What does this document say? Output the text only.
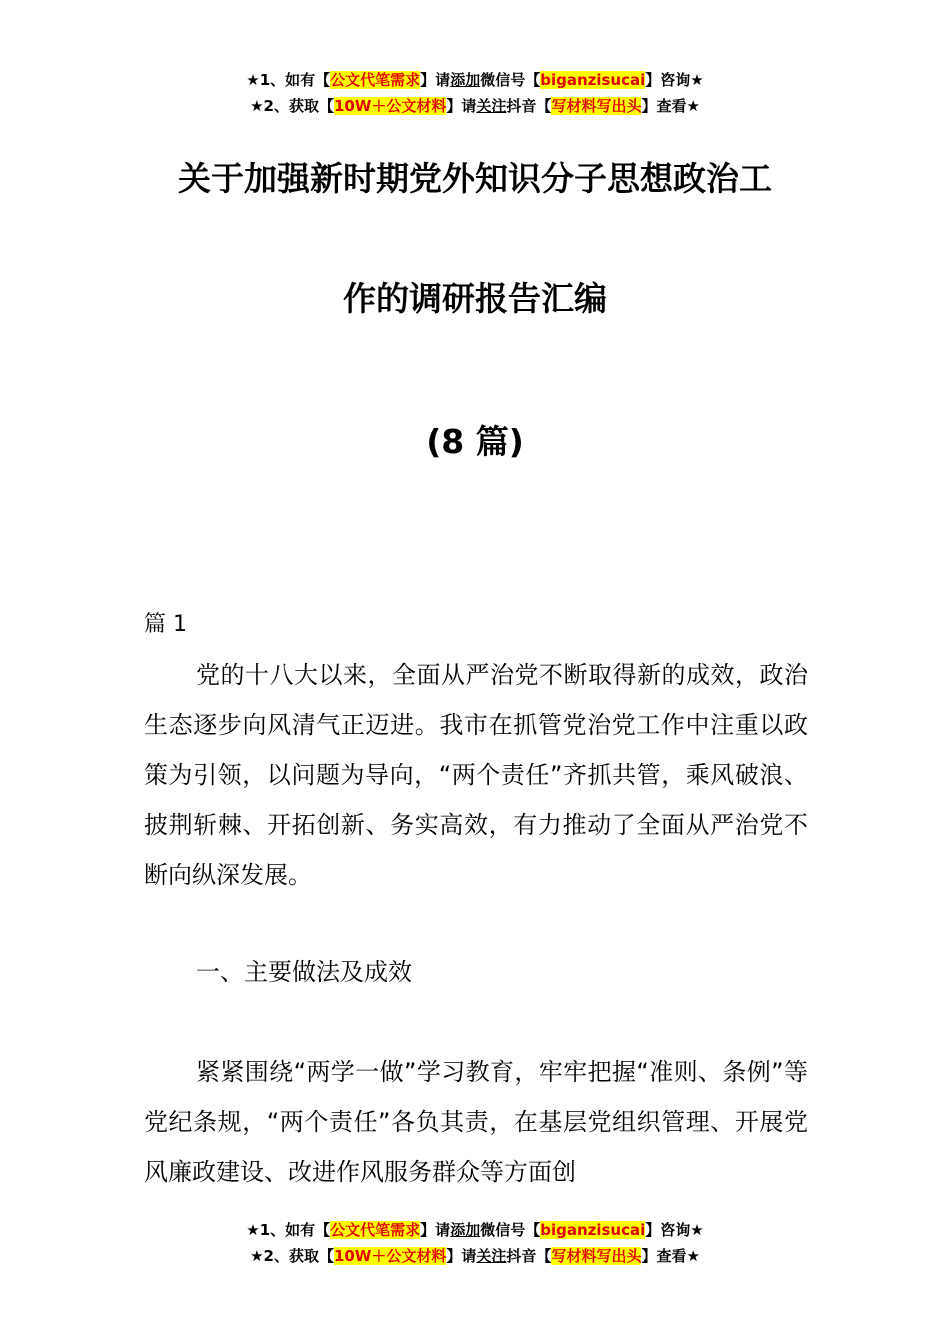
★1、如有【公文代笔需求】请添加微信号【biganzisucai】咨询★
★2、获取【10W＋公文材料】请关注抖音【写材料写出头】查看★
关于加强新时期党外知识分子思想政治工
作的调研报告汇编
(8 篇)
篇 1
党的十八大以来，全面从严治党不断取得新的成效，政治生态逐步向风清气正迈进。我市在抓管党治党工作中注重以政策为引领，以问题为导向，“两个责任”齐抓共管，乘风破浪、披荆斩棘、开拓创新、务实高效，有力推动了全面从严治党不断向纵深发展。
一、主要做法及成效
紧紧围绕“两学一做”学习教育，牢牢把握“准则、条例”等党纪条规，“两个责任”各负其责，在基层党组织管理、开展党风廉政建设、改进作风服务群众等方面创
★1、如有【公文代笔需求】请添加微信号【biganzisucai】咨询★
★2、获取【10W＋公文材料】请关注抖音【写材料写出头】查看★
